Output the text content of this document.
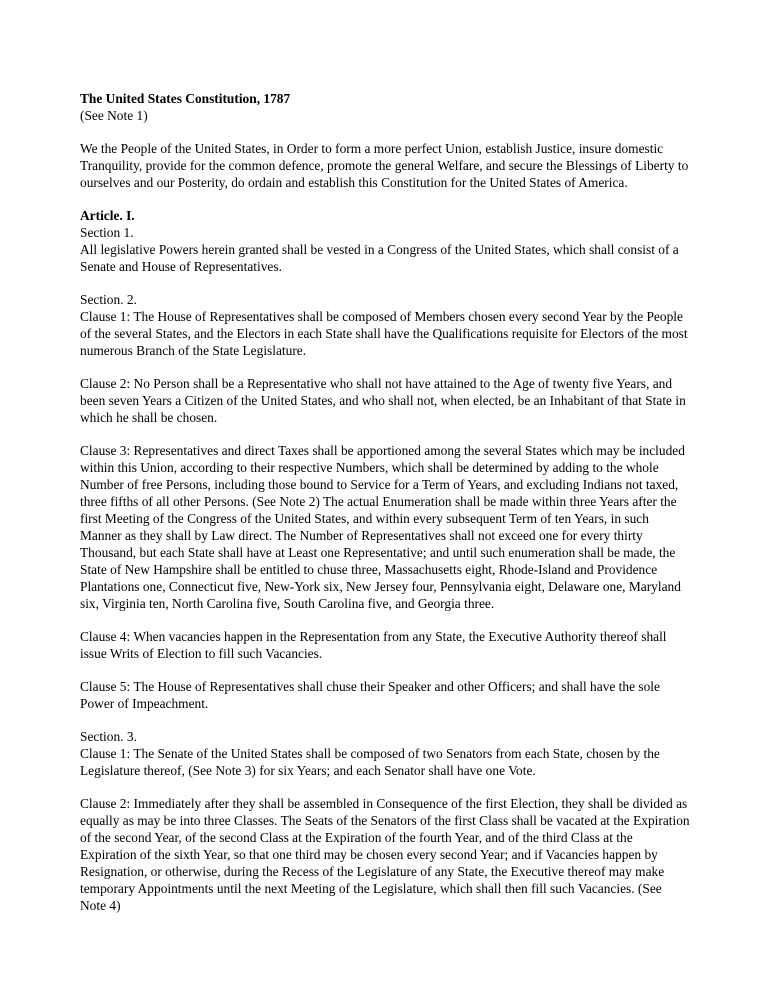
The United States Constitution, 1787
(See Note 1)

We the People of the United States, in Order to form a more perfect Union, establish Justice, insure domestic Tranquility, provide for the common defence, promote the general Welfare, and secure the Blessings of Liberty to ourselves and our Posterity, do ordain and establish this Constitution for the United States of America.

Article. I.
Section 1.
All legislative Powers herein granted shall be vested in a Congress of the United States, which shall consist of a Senate and House of Representatives.

Section. 2.
Clause 1: The House of Representatives shall be composed of Members chosen every second Year by the People of the several States, and the Electors in each State shall have the Qualifications requisite for Electors of the most numerous Branch of the State Legislature.

Clause 2: No Person shall be a Representative who shall not have attained to the Age of twenty five Years, and been seven Years a Citizen of the United States, and who shall not, when elected, be an Inhabitant of that State in which he shall be chosen.

Clause 3: Representatives and direct Taxes shall be apportioned among the several States which may be included within this Union, according to their respective Numbers, which shall be determined by adding to the whole Number of free Persons, including those bound to Service for a Term of Years, and excluding Indians not taxed, three fifths of all other Persons. (See Note 2) The actual Enumeration shall be made within three Years after the first Meeting of the Congress of the United States, and within every subsequent Term of ten Years, in such Manner as they shall by Law direct. The Number of Representatives shall not exceed one for every thirty Thousand, but each State shall have at Least one Representative; and until such enumeration shall be made, the State of New Hampshire shall be entitled to chuse three, Massachusetts eight, Rhode-Island and Providence Plantations one, Connecticut five, New-York six, New Jersey four, Pennsylvania eight, Delaware one, Maryland six, Virginia ten, North Carolina five, South Carolina five, and Georgia three.

Clause 4: When vacancies happen in the Representation from any State, the Executive Authority thereof shall issue Writs of Election to fill such Vacancies.

Clause 5: The House of Representatives shall chuse their Speaker and other Officers; and shall have the sole Power of Impeachment.

Section. 3.
Clause 1: The Senate of the United States shall be composed of two Senators from each State, chosen by the Legislature thereof, (See Note 3) for six Years; and each Senator shall have one Vote.

Clause 2: Immediately after they shall be assembled in Consequence of the first Election, they shall be divided as equally as may be into three Classes. The Seats of the Senators of the first Class shall be vacated at the Expiration of the second Year, of the second Class at the Expiration of the fourth Year, and of the third Class at the Expiration of the sixth Year, so that one third may be chosen every second Year; and if Vacancies happen by Resignation, or otherwise, during the Recess of the Legislature of any State, the Executive thereof may make temporary Appointments until the next Meeting of the Legislature, which shall then fill such Vacancies. (See Note 4)
